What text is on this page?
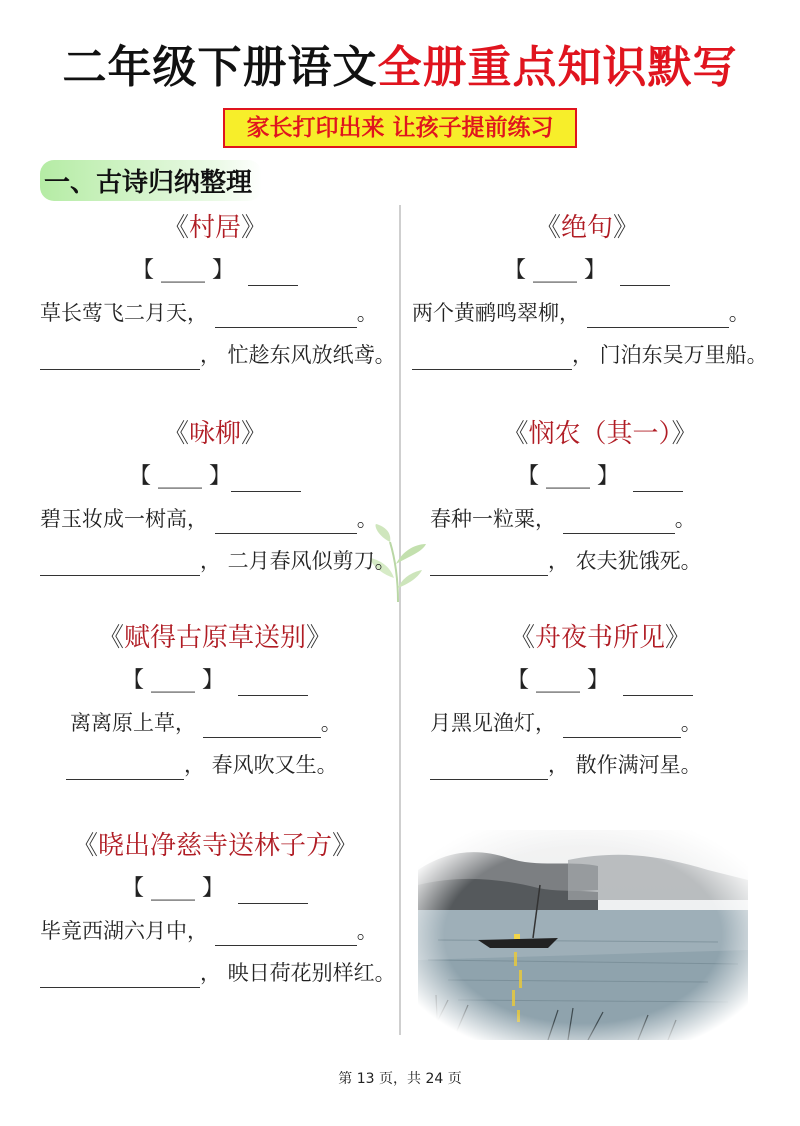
二年级下册语文全册重点知识默写
家长打印出来 让孩子提前练习
一、古诗归纳整理
《村居》
【 ____ 】
草长莺飞二月天，	。
， 忙趁东风放纸鸢。
《绝句》
【 ____ 】
两个黄鹂鸣翠柳，	。
， 门泊东吴万里船。
《咏柳》
【 ____ 】
碧玉妆成一树高，	。
， 二月春风似剪刀。
《悯农（其一）》
【 ____ 】
春种一粒粟，	。
， 农夫犹饿死。
《赋得古原草送别》
【 ____ 】
离离原上草，	。
， 春风吹又生。
《舟夜书所见》
【 ____ 】
月黑见渔灯，	。
， 散作满河星。
《晓出净慈寺送林子方》
【 ____ 】
毕竟西湖六月中，	。
， 映日荷花别样红。
第 13 页，共 24 页
